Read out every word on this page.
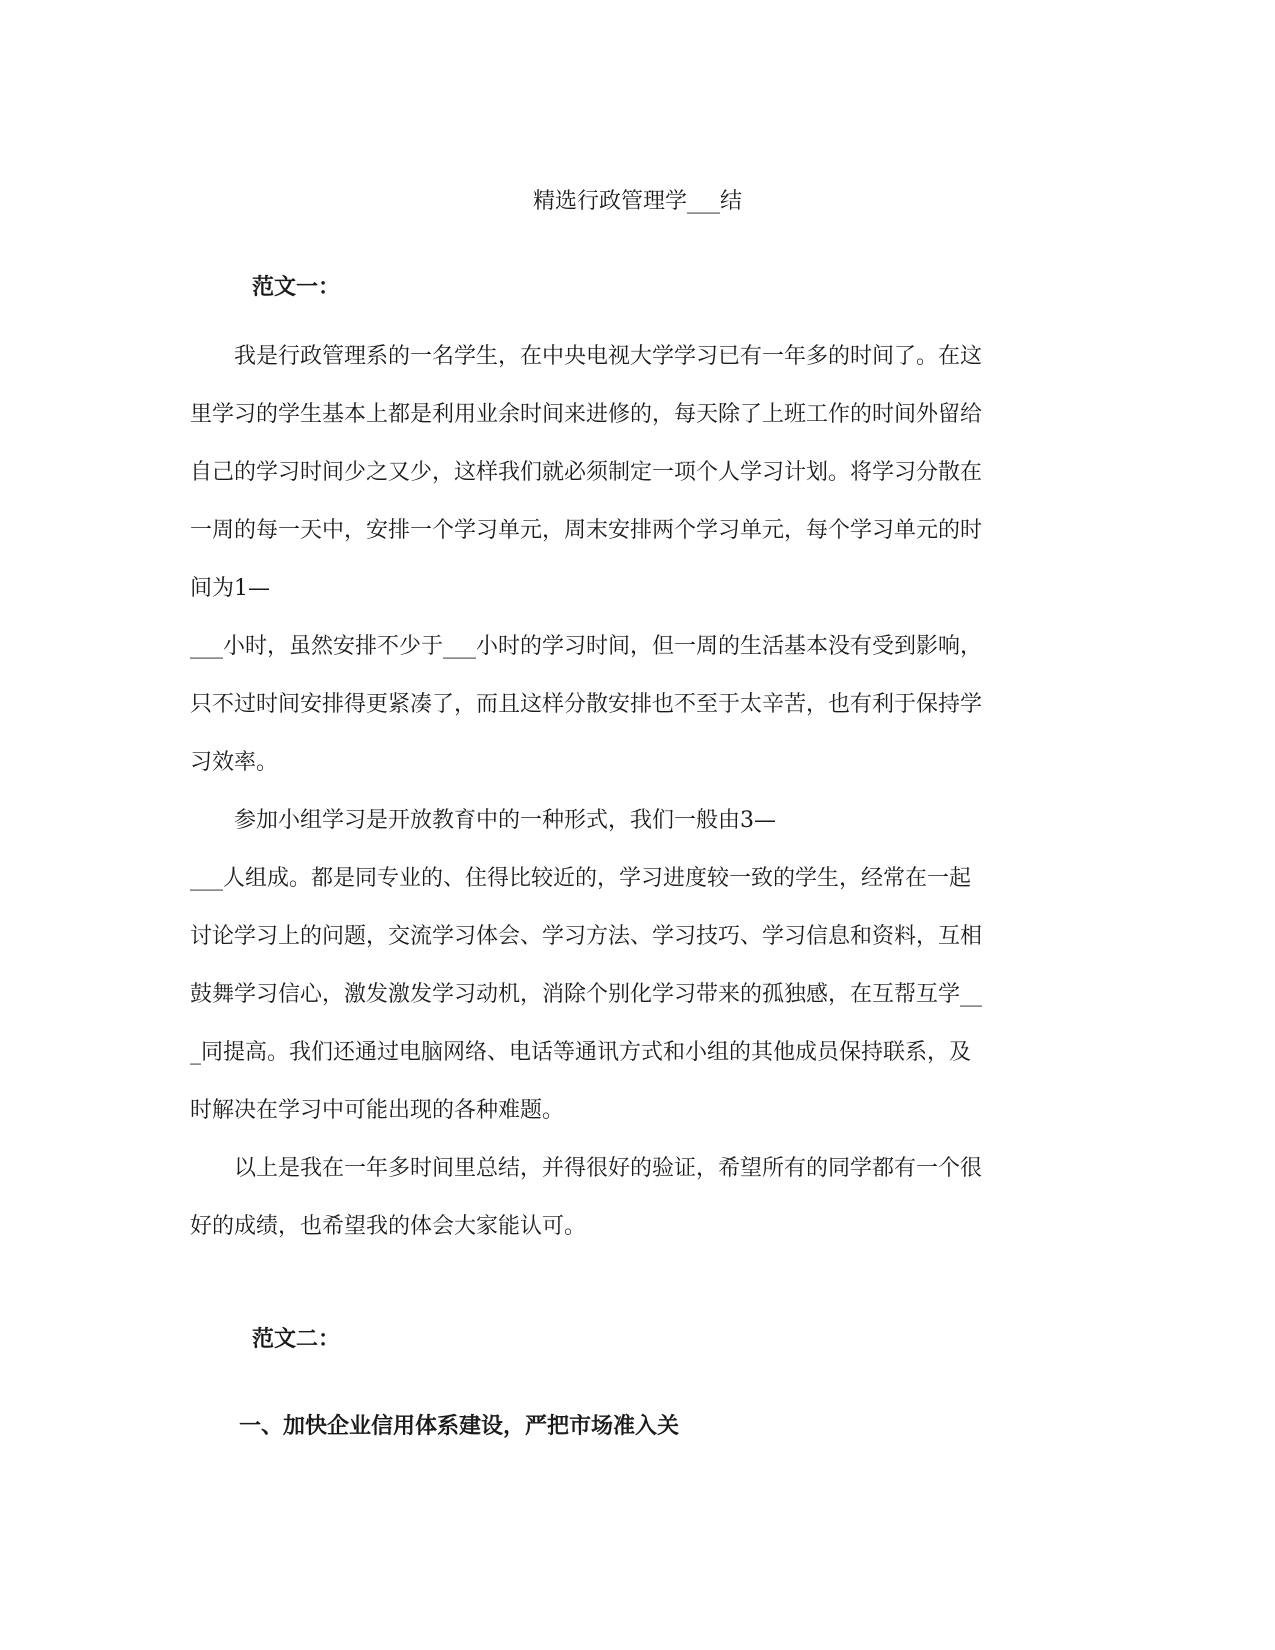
精选行政管理学___结
范文一：
　　我是行政管理系的一名学生，在中央电视大学学习已有一年多的时间了。在这
里学习的学生基本上都是利用业余时间来进修的，每天除了上班工作的时间外留给
自己的学习时间少之又少，这样我们就必须制定一项个人学习计划。将学习分散在
一周的每一天中，安排一个学习单元，周末安排两个学习单元，每个学习单元的时
间为1—
___小时，虽然安排不少于___小时的学习时间，但一周的生活基本没有受到影响，
只不过时间安排得更紧凑了，而且这样分散安排也不至于太辛苦，也有利于保持学
习效率。
　　参加小组学习是开放教育中的一种形式，我们一般由3—
___人组成。都是同专业的、住得比较近的，学习进度较一致的学生，经常在一起
讨论学习上的问题，交流学习体会、学习方法、学习技巧、学习信息和资料，互相
鼓舞学习信心，激发激发学习动机，消除个别化学习带来的孤独感，在互帮互学__
_同提高。我们还通过电脑网络、电话等通讯方式和小组的其他成员保持联系，及
时解决在学习中可能出现的各种难题。
　　以上是我在一年多时间里总结，并得很好的验证，希望所有的同学都有一个很
好的成绩，也希望我的体会大家能认可。
范文二：
一、加快企业信用体系建设，严把市场准入关
